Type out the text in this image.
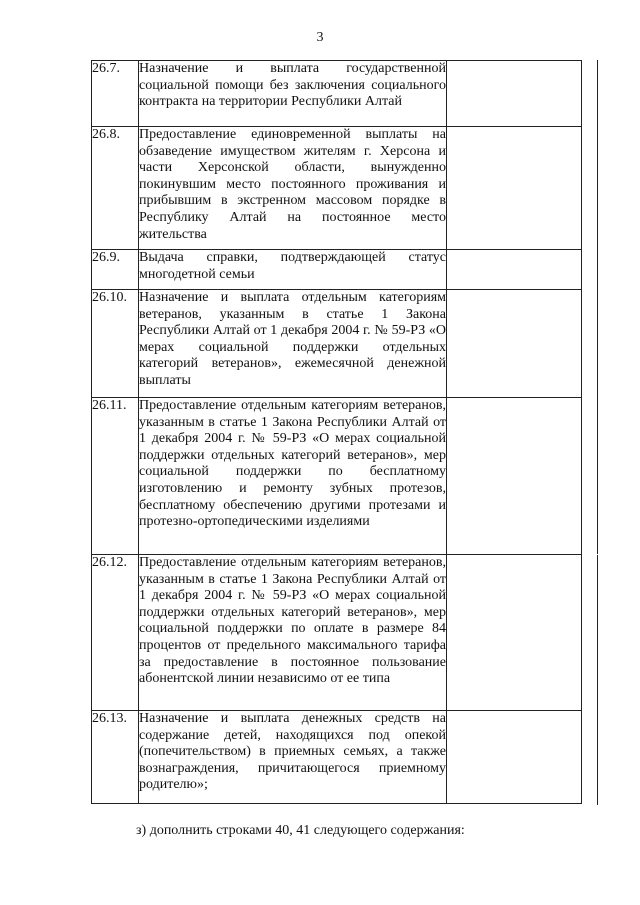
3
26.7.	Назначение и выплата государственной социальной помощи без заключения социального контракта на территории Республики Алтай	

26.8.	Предоставление единовременной выплаты на обзаведение имуществом жителям г. Херсона и части Херсонской области, вынужденно покинувшим место постоянного проживания и прибывшим в экстренном массовом порядке в Республику Алтай на постоянное место жительства	

26.9.	Выдача справки, подтверждающей статус многодетной семьи	

26.10.	Назначение и выплата отдельным категориям ветеранов, указанным в статье 1 Закона Республики Алтай от 1 декабря 2004 г. № 59-РЗ «О мерах социальной поддержки отдельных категорий ветеранов», ежемесячной денежной выплаты	

26.11.	Предоставление отдельным категориям ветеранов, указанным в статье 1 Закона Республики Алтай от 1 декабря 2004 г. № 59-РЗ «О мерах социальной поддержки отдельных категорий ветеранов», мер социальной поддержки по бесплатному изготовлению и ремонту зубных протезов, бесплатному обеспечению другими протезами и протезно-ортопедическими изделиями	

26.12.	Предоставление отдельным категориям ветеранов, указанным в статье 1 Закона Республики Алтай от 1 декабря 2004 г. № 59-РЗ «О мерах социальной поддержки отдельных категорий ветеранов», мер социальной поддержки по оплате в размере 84 процентов от предельного максимального тарифа за предоставление в постоянное пользование абонентской линии независимо от ее типа	

26.13.	Назначение и выплата денежных средств на содержание детей, находящихся под опекой (попечительством) в приемных семьях, а также вознаграждения, причитающегося приемному родителю»;	

з) дополнить строками 40, 41 следующего содержания:
